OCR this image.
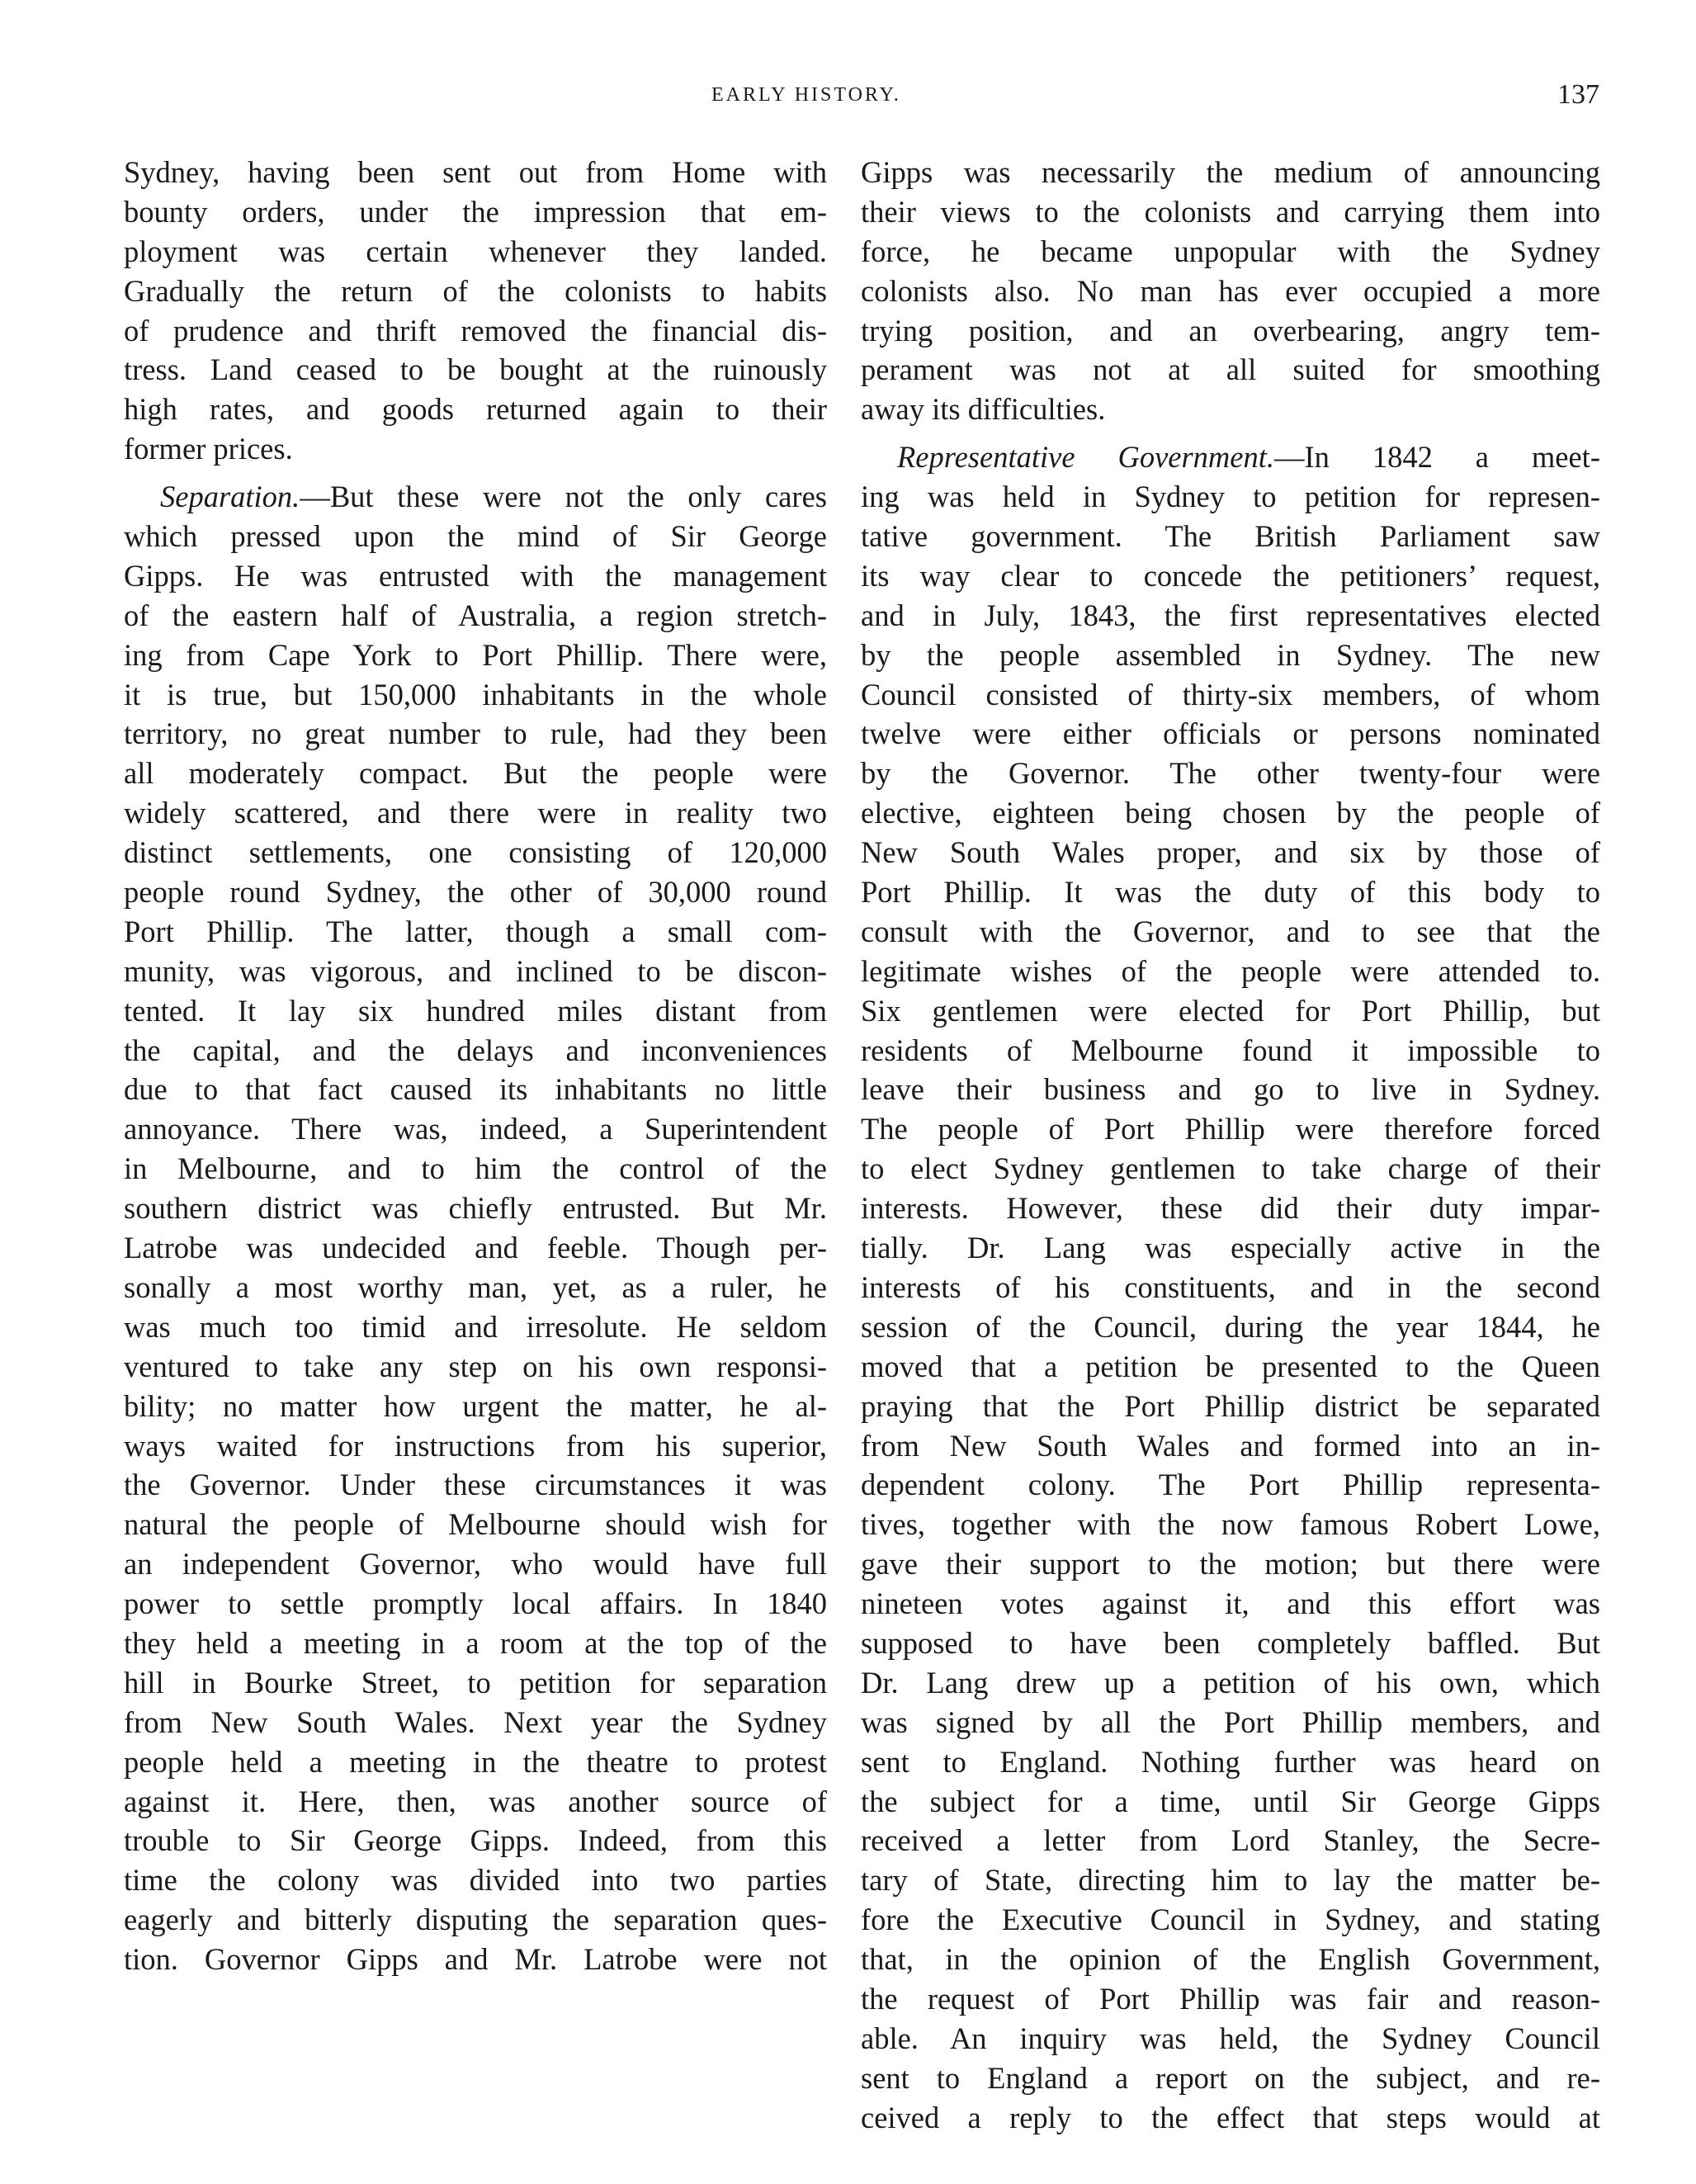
EARLY HISTORY.	137
Sydney, having been sent out from Home with
bounty orders, under the impression that em-
ployment was certain whenever they landed.
Gradually the return of the colonists to habits
of prudence and thrift removed the financial dis-
tress. Land ceased to be bought at the ruinously
high rates, and goods returned again to their
former prices.
Separation.—But these were not the only cares
which pressed upon the mind of Sir George
Gipps. He was entrusted with the management
of the eastern half of Australia, a region stretch-
ing from Cape York to Port Phillip. There were,
it is true, but 150,000 inhabitants in the whole
territory, no great number to rule, had they been
all moderately compact. But the people were
widely scattered, and there were in reality two
distinct settlements, one consisting of 120,000
people round Sydney, the other of 30,000 round
Port Phillip. The latter, though a small com-
munity, was vigorous, and inclined to be discon-
tented. It lay six hundred miles distant from
the capital, and the delays and inconveniences
due to that fact caused its inhabitants no little
annoyance. There was, indeed, a Superintendent
in Melbourne, and to him the control of the
southern district was chiefly entrusted. But Mr.
Latrobe was undecided and feeble. Though per-
sonally a most worthy man, yet, as a ruler, he
was much too timid and irresolute. He seldom
ventured to take any step on his own responsi-
bility; no matter how urgent the matter, he al-
ways waited for instructions from his superior,
the Governor. Under these circumstances it was
natural the people of Melbourne should wish for
an independent Governor, who would have full
power to settle promptly local affairs. In 1840
they held a meeting in a room at the top of the
hill in Bourke Street, to petition for separation
from New South Wales. Next year the Sydney
people held a meeting in the theatre to protest
against it. Here, then, was another source of
trouble to Sir George Gipps. Indeed, from this
time the colony was divided into two parties
eagerly and bitterly disputing the separation ques-
tion. Governor Gipps and Mr. Latrobe were not
Gipps was necessarily the medium of announcing
their views to the colonists and carrying them into
force, he became unpopular with the Sydney
colonists also. No man has ever occupied a more
trying position, and an overbearing, angry tem-
perament was not at all suited for smoothing
away its difficulties.
Representative Government.—In 1842 a meet-
ing was held in Sydney to petition for represen-
tative government. The British Parliament saw
its way clear to concede the petitioners’ request,
and in July, 1843, the first representatives elected
by the people assembled in Sydney. The new
Council consisted of thirty-six members, of whom
twelve were either officials or persons nominated
by the Governor. The other twenty-four were
elective, eighteen being chosen by the people of
New South Wales proper, and six by those of
Port Phillip. It was the duty of this body to
consult with the Governor, and to see that the
legitimate wishes of the people were attended to.
Six gentlemen were elected for Port Phillip, but
residents of Melbourne found it impossible to
leave their business and go to live in Sydney.
The people of Port Phillip were therefore forced
to elect Sydney gentlemen to take charge of their
interests. However, these did their duty impar-
tially. Dr. Lang was especially active in the
interests of his constituents, and in the second
session of the Council, during the year 1844, he
moved that a petition be presented to the Queen
praying that the Port Phillip district be separated
from New South Wales and formed into an in-
dependent colony. The Port Phillip representa-
tives, together with the now famous Robert Lowe,
gave their support to the motion; but there were
nineteen votes against it, and this effort was
supposed to have been completely baffled. But
Dr. Lang drew up a petition of his own, which
was signed by all the Port Phillip members, and
sent to England. Nothing further was heard on
the subject for a time, until Sir George Gipps
received a letter from Lord Stanley, the Secre-
tary of State, directing him to lay the matter be-
fore the Executive Council in Sydney, and stating
that, in the opinion of the English Government,
the request of Port Phillip was fair and reason-
able. An inquiry was held, the Sydney Council
sent to England a report on the subject, and re-
ceived a reply to the effect that steps would at
